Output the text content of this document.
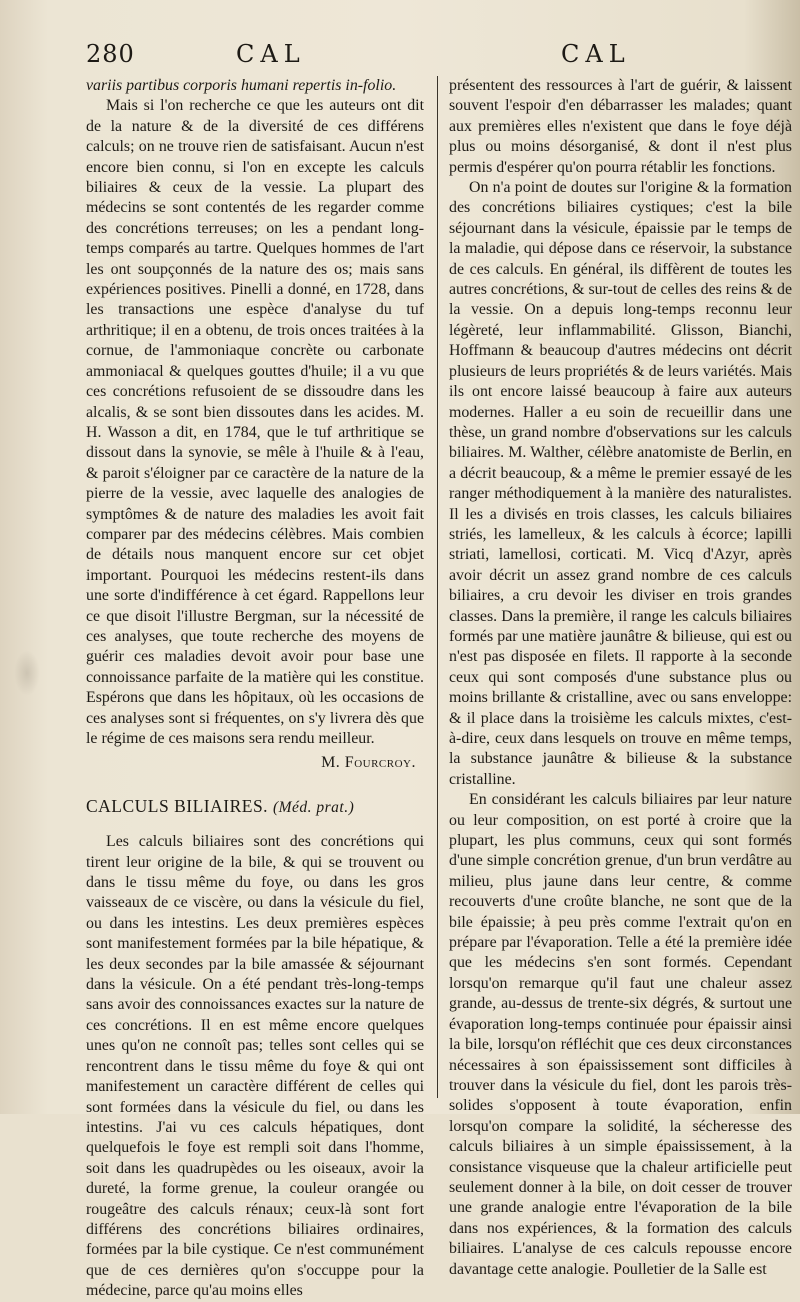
280	CAL	CAL

variis partibus corporis humani repertis in-folio.

Mais si l'on recherche ce que les auteurs ont dit de la nature & de la diversité de ces différens calculs; on ne trouve rien de satisfaisant. Aucun n'est encore bien connu, si l'on en excepte les calculs biliaires & ceux de la vessie. La plupart des médecins se sont contentés de les regarder comme des concrétions terreuses; on les a pendant long-temps comparés au tartre. Quelques hommes de l'art les ont soupçonnés de la nature des os; mais sans expériences positives. Pinelli a donné, en 1728, dans les transactions une espèce d'analyse du tuf arthritique; il en a obtenu, de trois onces traitées à la cornue, de l'ammoniaque concrète ou carbonate ammoniacal & quelques gouttes d'huile; il a vu que ces concrétions refusoient de se dissoudre dans les alcalis, & se sont bien dissoutes dans les acides. M. H. Wasson a dit, en 1784, que le tuf arthritique se dissout dans la synovie, se mêle à l'huile & à l'eau, & paroit s'éloigner par ce caractère de la nature de la pierre de la vessie, avec laquelle des analogies de symptômes & de nature des maladies les avoit fait comparer par des médecins célèbres. Mais combien de détails nous manquent encore sur cet objet important. Pourquoi les médecins restent-ils dans une sorte d'indifférence à cet égard. Rappellons leur ce que disoit l'illustre Bergman, sur la nécessité de ces analyses, que toute recherche des moyens de guérir ces maladies devoit avoir pour base une connoissance parfaite de la matière qui les constitue. Espérons que dans les hôpitaux, où les occasions de ces analyses sont si fréquentes, on s'y livrera dès que le régime de ces maisons sera rendu meilleur.

M. Fourcroy.
CALCULS BILIAIRES. (Méd. prat.)

Les calculs biliaires sont des concrétions qui tirent leur origine de la bile, & qui se trouvent ou dans le tissu même du foye, ou dans les gros vaisseaux de ce viscère, ou dans la vésicule du fiel, ou dans les intestins. Les deux premières espèces sont manifestement formées par la bile hépatique, & les deux secondes par la bile amassée & séjournant dans la vésicule. On a été pendant très-long-temps sans avoir des connoissances exactes sur la nature de ces concrétions. Il en est même encore quelques unes qu'on ne connoît pas; telles sont celles qui se rencontrent dans le tissu même du foye & qui ont manifestement un caractère différent de celles qui sont formées dans la vésicule du fiel, ou dans les intestins. J'ai vu ces calculs hépatiques, dont quelquefois le foye est rempli soit dans l'homme, soit dans les quadrupèdes ou les oiseaux, avoir la dureté, la forme grenue, la couleur orangée ou rougeâtre des calculs rénaux; ceux-là sont fort différens des concrétions biliaires ordinaires, formées par la bile cystique. Ce n'est communément que de ces dernières qu'on s'occuppe pour la médecine, parce qu'au moins elles

présentent des ressources à l'art de guérir, & laissent souvent l'espoir d'en débarrasser les malades; quant aux premières elles n'existent que dans le foye déjà plus ou moins désorganisé, & dont il n'est plus permis d'espérer qu'on pourra rétablir les fonctions.

On n'a point de doutes sur l'origine & la formation des concrétions biliaires cystiques; c'est la bile séjournant dans la vésicule, épaissie par le temps de la maladie, qui dépose dans ce réservoir, la substance de ces calculs. En général, ils diffèrent de toutes les autres concrétions, & sur-tout de celles des reins & de la vessie. On a depuis long-temps reconnu leur légèreté, leur inflammabilité. Glisson, Bianchi, Hoffmann & beaucoup d'autres médecins ont décrit plusieurs de leurs propriétés & de leurs variétés. Mais ils ont encore laissé beaucoup à faire aux auteurs modernes. Haller a eu soin de recueillir dans une thèse, un grand nombre d'observations sur les calculs biliaires. M. Walther, célèbre anatomiste de Berlin, en a décrit beaucoup, & a même le premier essayé de les ranger méthodiquement à la manière des naturalistes. Il les a divisés en trois classes, les calculs biliaires striés, les lamelleux, & les calculs à écorce; lapilli striati, lamellosi, corticati. M. Vicq d'Azyr, après avoir décrit un assez grand nombre de ces calculs biliaires, a cru devoir les diviser en trois grandes classes. Dans la première, il range les calculs biliaires formés par une matière jaunâtre & bilieuse, qui est ou n'est pas disposée en filets. Il rapporte à la seconde ceux qui sont composés d'une substance plus ou moins brillante & cristalline, avec ou sans enveloppe: & il place dans la troisième les calculs mixtes, c'est-à-dire, ceux dans lesquels on trouve en même temps, la substance jaunâtre & bilieuse & la substance cristalline.

En considérant les calculs biliaires par leur nature ou leur composition, on est porté à croire que la plupart, les plus communs, ceux qui sont formés d'une simple concrétion grenue, d'un brun verdâtre au milieu, plus jaune dans leur centre, & comme recouverts d'une croûte blanche, ne sont que de la bile épaissie; à peu près comme l'extrait qu'on en prépare par l'évaporation. Telle a été la première idée que les médecins s'en sont formés. Cependant lorsqu'on remarque qu'il faut une chaleur assez grande, au-dessus de trente-six dégrés, & surtout une évaporation long-temps continuée pour épaissir ainsi la bile, lorsqu'on réfléchit que ces deux circonstances nécessaires à son épaississement sont difficiles à trouver dans la vésicule du fiel, dont les parois très-solides s'opposent à toute évaporation, enfin lorsqu'on compare la solidité, la sécheresse des calculs biliaires à un simple épaississement, à la consistance visqueuse que la chaleur artificielle peut seulement donner à la bile, on doit cesser de trouver une grande analogie entre l'évaporation de la bile dans nos expériences, & la formation des calculs biliaires. L'analyse de ces calculs repousse encore davantage cette analogie. Poulletier de la Salle est
